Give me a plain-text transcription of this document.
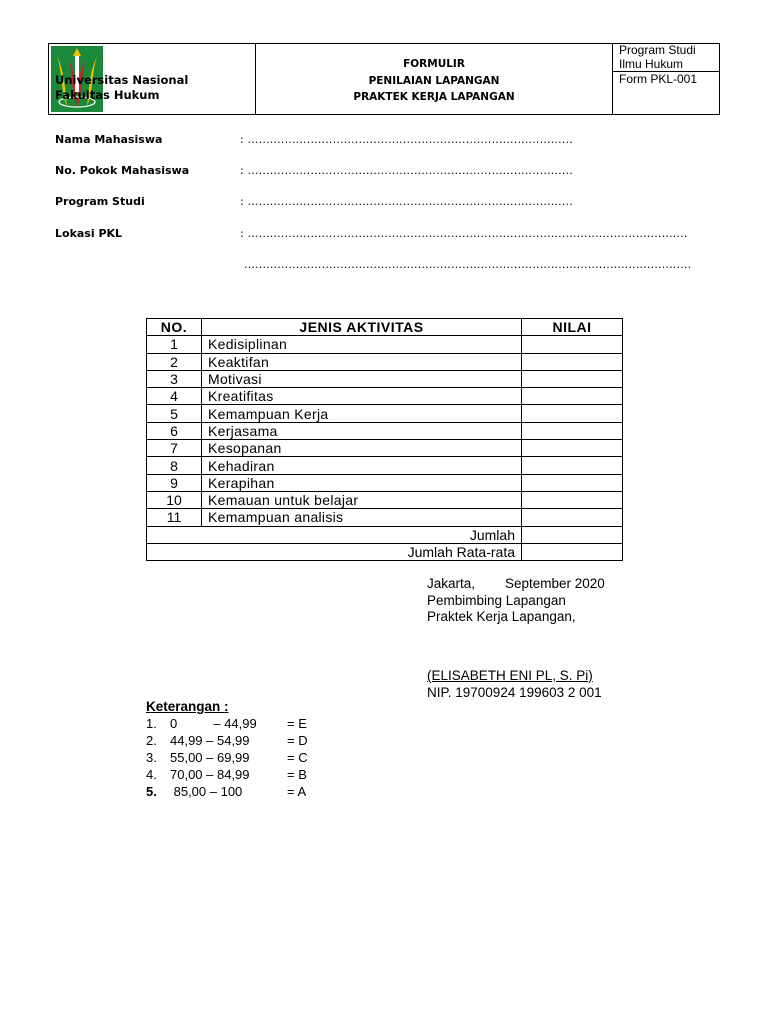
Universitas Nasional
Fakultas Hukum
FORMULIR
PENILAIAN LAPANGAN
PRAKTEK KERJA LAPANGAN
Program Studi Ilmu Hukum
Form PKL-001
Nama Mahasiswa	: ........................................................................................
No. Pokok Mahasiswa	: ........................................................................................
Program Studi	: ........................................................................................
Lokasi PKL	: .......................................................................................................................
.........................................................................................................................
NO.	JENIS AKTIVITAS	NILAI
1	Kedisiplinan	
2	Keaktifan	
3	Motivasi	
4	Kreatifitas	
5	Kemampuan Kerja	
6	Kerjasama	
7	Kesopanan	
8	Kehadiran	
9	Kerapihan	
10	Kemauan untuk belajar	
11	Kemampuan analisis	
Jumlah		
Jumlah Rata-rata		
Jakarta, September 2020
Pembimbing Lapangan
Praktek Kerja Lapangan,
(ELISABETH ENI PL, S. Pi)
NIP. 19700924 199603 2 001
Keterangan :
1. 0          – 44,99 = E
2. 44,99 – 54,99	= D
3. 55,00 – 69,99	= C
4. 70,00 – 84,99	= B
5. 85,00 – 100	= A
